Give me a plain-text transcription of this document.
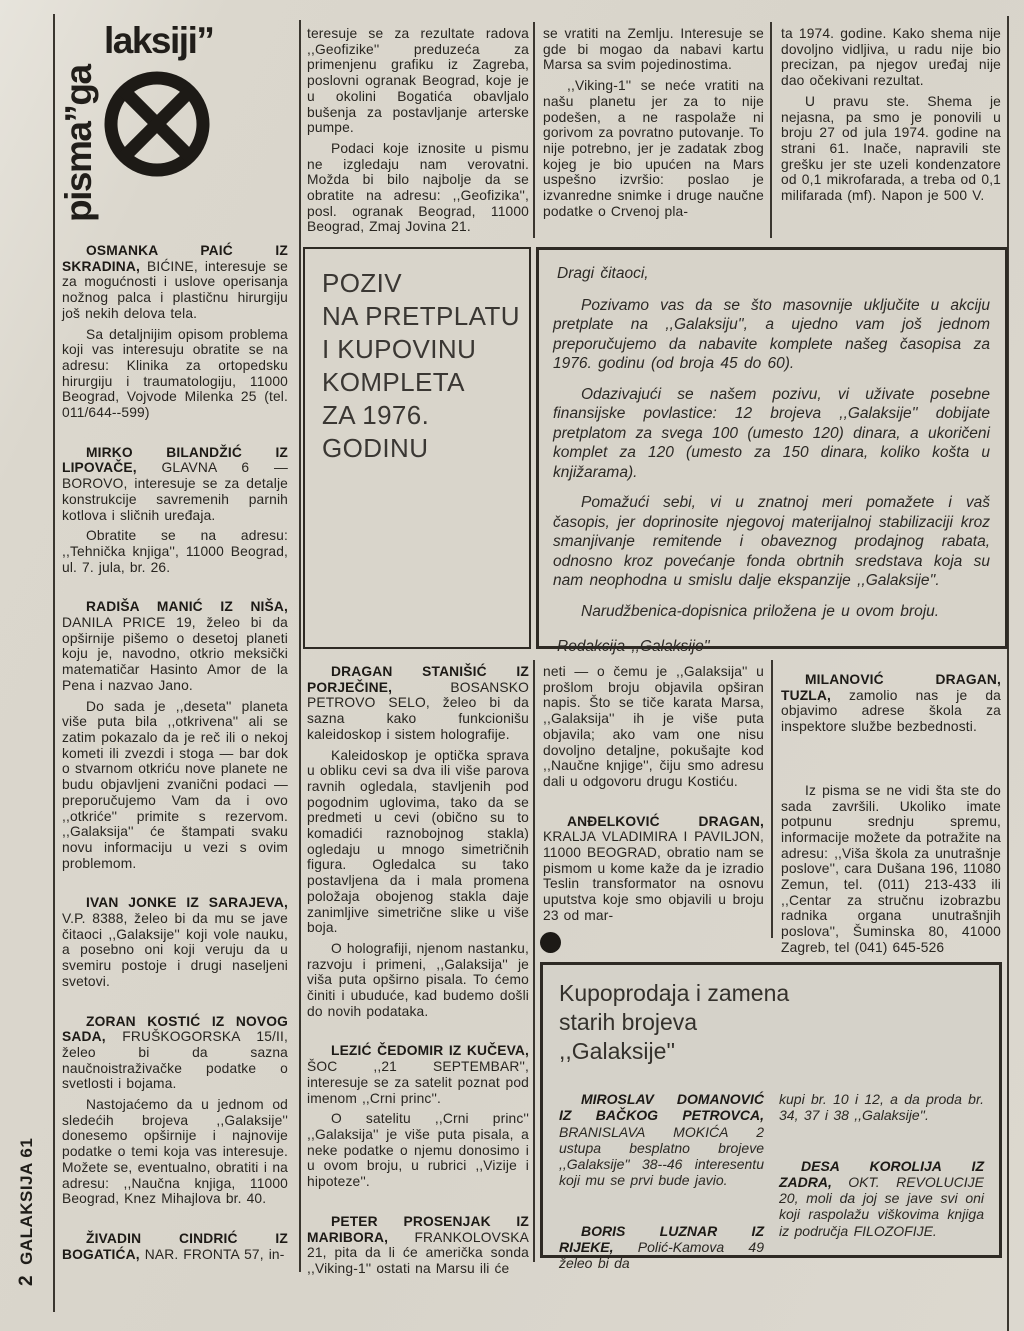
2GALAKSIJA 61
pisma”ga
laksiji”

OSMANKA PAIĆ IZ SKRADINA, BIĆINE, interesuje se za mogućnosti i uslove operisanja nožnog palca i plastičnu hirurgiju još nekih delova tela.

Sa detaljnijim opisom problema koji vas interesuju obratite se na adresu: Klinika za ortopedsku hirurgiju i traumatologiju, 11000 Beograd, Vojvode Milenka 25 (tel. 011/644--599)

MIRKO BILANDŽIĆ IZ LIPOVAČE, GLAVNA 6 — BOROVO, interesuje se za detalje konstrukcije savremenih parnih kotlova i sličnih uređaja.

Obratite se na adresu: ,,Tehnička knjiga'', 11000 Beograd, ul. 7. jula, br. 26.

RADIŠA MANIĆ IZ NIŠA, DANILA PRICE 19, želeo bi da opširnije pišemo o desetoj planeti koju je, navodno, otkrio meksički matematičar Hasinto Amor de la Pena i nazvao Jano.

Do sada je ,,deseta'' planeta više puta bila ,,otkrivena'' ali se zatim pokazalo da je reč ili o nekoj kometi ili zvezdi i stoga — bar dok o stvarnom otkriću nove planete ne budu objavljeni zvanični podaci — preporučujemo Vam da i ovo ,,otkriće'' primite s rezervom. ,,Galaksija'' će štampati svaku novu informaciju u vezi s ovim problemom.

IVAN JONKE IZ SARAJEVA, V.P. 8388, želeo bi da mu se jave čitaoci ,,Galaksije'' koji vole nauku, a posebno oni koji veruju da u svemiru postoje i drugi naseljeni svetovi.

ZORAN KOSTIĆ IZ NOVOG SADA, FRUŠKOGORSKA 15/II, želeo bi da sazna naučnoistraživačke podatke o svetlosti i bojama.

Nastojaćemo da u jednom od sledećih brojeva ,,Galaksije'' donesemo opširnije i najnovije podatke o temi koja vas interesuje. Možete se, eventualno, obratiti i na adresu: ,,Naučna knjiga, 11000 Beograd, Knez Mihajlova br. 40.

ŽIVADIN CINDRIĆ IZ BOGATIĆA, NAR. FRONTA 57, in-

teresuje se za rezultate radova ,,Geofizike'' preduzeća za primenjenu grafiku iz Zagreba, poslovni ogranak Beograd, koje je u okolini Bogatića obavljalo bušenja za postavljanje arterske pumpe.

Podaci koje iznosite u pismu ne izgledaju nam verovatni. Možda bi bilo najbolje da se obratite na adresu: ,,Geofizika'', posl. ogranak Beograd, 11000 Beograd, Zmaj Jovina 21.

DRAGAN STANIŠIĆ IZ PORJEČINE, BOSANSKO PETROVO SELO, želeo bi da sazna kako funkcionišu kaleidoskop i sistem holografije.

Kaleidoskop je optička sprava u obliku cevi sa dva ili više parova ravnih ogledala, stavljenih pod pogodnim uglovima, tako da se predmeti u cevi (obično su to komadići raznobojnog stakla) ogledaju u mnogo simetričnih figura. Ogledalca su tako postavljena da i mala promena položaja obojenog stakla daje zanimljive simetrične slike u više boja.

O holografiji, njenom nastanku, razvoju i primeni, ,,Galaksija'' je viša puta opširno pisala. To ćemo činiti i ubuduće, kad budemo došli do novih podataka.

LEZIĆ ČEDOMIR IZ KUČEVA, ŠOC ,,21 SEPTEMBAR'', interesuje se za satelit poznat pod imenom ,,Crni princ''.

O satelitu ,,Crni princ'' ,,Galaksija'' je više puta pisala, a neke podatke o njemu donosimo i u ovom broju, u rubrici ,,Vizije i hipoteze''.

PETER PROSENJAK IZ MARIBORA, FRANKOLOVSKA 21, pita da li će američka sonda ,,Viking-1'' ostati na Marsu ili će

se vratiti na Zemlju. Interesuje se gde bi mogao da nabavi kartu Marsa sa svim pojedinostima.

,,Viking-1'' se neće vratiti na našu planetu jer za to nije podešen, a ne raspolaže ni gorivom za povratno putovanje. To nije potrebno, jer je zadatak zbog kojeg je bio upućen na Mars uspešno izvršio: poslao je izvanredne snimke i druge naučne podatke o Crvenoj pla-

neti — o čemu je ,,Galaksija'' u prošlom broju objavila opširan napis. Što se tiče karata Marsa, ,,Galaksija'' ih je više puta objavila; ako vam one nisu dovoljno detaljne, pokušajte kod ,,Naučne knjige'', čiju smo adresu dali u odgovoru drugu Kostiću.

ANĐELKOVIĆ DRAGAN, KRALJA VLADIMIRA I PAVILJON, 11000 BEOGRAD, obratio nam se pismom u kome kaže da je izradio Teslin transformator na osnovu uputstva koje smo objavili u broju 23 od mar-

ta 1974. godine. Kako shema nije dovoljno vidljiva, u radu nije bio precizan, pa njegov uređaj nije dao očekivani rezultat.

U pravu ste. Shema je nejasna, pa smo je ponovili u broju 27 od jula 1974. godine na strani 61. Inače, napravili ste grešku jer ste uzeli kondenzatore od 0,1 mikrofarada, a treba od 0,1 milifarada (mf). Napon je 500 V.

MILANOVIĆ DRAGAN, TUZLA, zamolio nas je da objavimo adrese škola za inspektore službe bezbednosti.

Iz pisma se ne vidi šta ste do sada završili. Ukoliko imate potpunu srednju spremu, informacije možete da potražite na adresu: ,,Viša škola za unutrašnje poslove'', cara Dušana 196, 11080 Zemun, tel. (011) 213-433 ili ,,Centar za stručnu izobrazbu radnika organa unutrašnjih poslova'', Šuminska 80, 41000 Zagreb, tel (041) 645-526

POZIV
NA PRETPLATU
I KUPOVINU
KOMPLETA
ZA 1976.
GODINU
Dragi čitaoci,

Pozivamo vas da se što masovnije uključite u akciju pretplate na ,,Galaksiju'', a ujedno vam još jednom preporučujemo da nabavite komplete našeg časopisa za 1976. godinu (od broja 45 do 60).

Odazivajući se našem pozivu, vi uživate posebne finansijske povlastice: 12 brojeva ,,Galaksije'' dobijate pretplatom za svega 100 (umesto 120) dinara, a ukoričeni komplet za 120 (umesto za 150 dinara, koliko košta u knjižarama).

Pomažući sebi, vi u znatnoj meri pomažete i vaš časopis, jer doprinosite njegovoj materijalnoj stabilizaciji kroz smanjivanje remitende i obaveznog prodajnog rabata, odnosno kroz povećanje fonda obrtnih sredstava koja su nam neophodna u smislu dalje ekspanzije ,,Galaksije''.

Narudžbenica-dopisnica priložena je u ovom broju.

Redakcija ,,Galaksije''
Kupoprodaja i zamena
starih brojeva
,,Galaksije''

MIROSLAV DOMANOVIĆ IZ BAČKOG PETROVCA, BRANISLAVA MOKIĆA 2 ustupa besplatno brojeve ,,Galaksije'' 38--46 interesentu koji mu se prvi bude javio.

BORIS LUZNAR IZ RIJEKE, Polić-Kamova 49 želeo bi da

kupi br. 10 i 12, a da proda br. 34, 37 i 38 ,,Galaksije''.

DESA KOROLIJA IZ ZADRA, OKT. REVOLUCIJE 20, moli da joj se jave svi oni koji raspolažu viškovima knjiga iz područja FILOZOFIJE.
